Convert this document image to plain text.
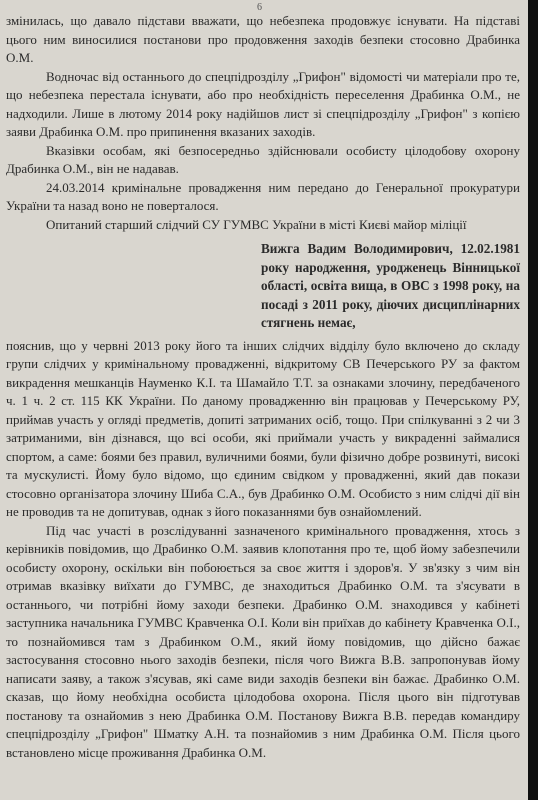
6

змінилась, що давало підстави вважати, що небезпека продовжує існувати. На підставі цього ним виносилися постанови про продовження заходів безпеки стосовно Драбинка О.М.

Водночас від останнього до спецпідрозділу „Грифон" відомості чи матеріали про те, що небезпека перестала існувати, або про необхідність переселення Драбинка О.М., не надходили. Лише в лютому 2014 року надійшов лист зі спецпідрозділу „Грифон" з копією заяви Драбинка О.М. про припинення вказаних заходів.

Вказівки особам, які безпосередньо здійснювали особисту цілодобову охорону Драбинка О.М., він не надавав.

24.03.2014 кримінальне провадження ним передано до Генеральної прокуратури України та назад воно не поверталося.

Опитаний старший слідчий СУ ГУМВС України в місті Києві майор міліції

Вижга Вадим Володимирович, 12.02.1981 року народження, уродженець Вінницької області, освіта вища, в ОВС з 1998 року, на посаді з 2011 року, діючих дисциплінарних стягнень немає,

пояснив, що у червні 2013 року його та інших слідчих відділу було включено до складу групи слідчих у кримінальному провадженні, відкритому СВ Печерського РУ за фактом викрадення мешканців Науменко К.І. та Шамайло Т.Т. за ознаками злочину, передбаченого ч. 1 ч. 2 ст. 115 КК України. По даному провадженню він працював у Печерському РУ, приймав участь у огляді предметів, допиті затриманих осіб, тощо. При спілкуванні з 2 чи 3 затриманими, він дізнався, що всі особи, які приймали участь у викраденні займалися спортом, а саме: боями без правил, вуличними боями, були фізично добре розвинуті, високі та мускулисті. Йому було відомо, що єдиним свідком у провадженні, який дав покази стосовно організатора злочину Шиба С.А., був Драбинко О.М. Особисто з ним слідчі дії він не проводив та не допитував, однак з його показаннями був ознайомлений.

Під час участі в розслідуванні зазначеного кримінального провадження, хтось з керівників повідомив, що Драбинко О.М. заявив клопотання про те, щоб йому забезпечили особисту охорону, оскільки він побоюється за своє життя і здоров'я. У зв'язку з чим він отримав вказівку виїхати до ГУМВС, де знаходиться Драбинко О.М. та з'ясувати в останнього, чи потрібні йому заходи безпеки. Драбинко О.М. знаходився у кабінеті заступника начальника ГУМВС Кравченка О.І. Коли він приїхав до кабінету Кравченка О.І., то познайомився там з Драбинком О.М., який йому повідомив, що дійсно бажає застосування стосовно нього заходів безпеки, після чого Вижга В.В. запропонував йому написати заяву, а також з'ясував, які саме види заходів безпеки він бажає. Драбинко О.М. сказав, що йому необхідна особиста цілодобова охорона. Після цього він підготував постанову та ознайомив з нею Драбинка О.М. Постанову Вижга В.В. передав командиру спецпідрозділу „Грифон" Шматку А.Н. та познайомив з ним Драбинка О.М. Після цього встановлено місце проживання Драбинка О.М.
